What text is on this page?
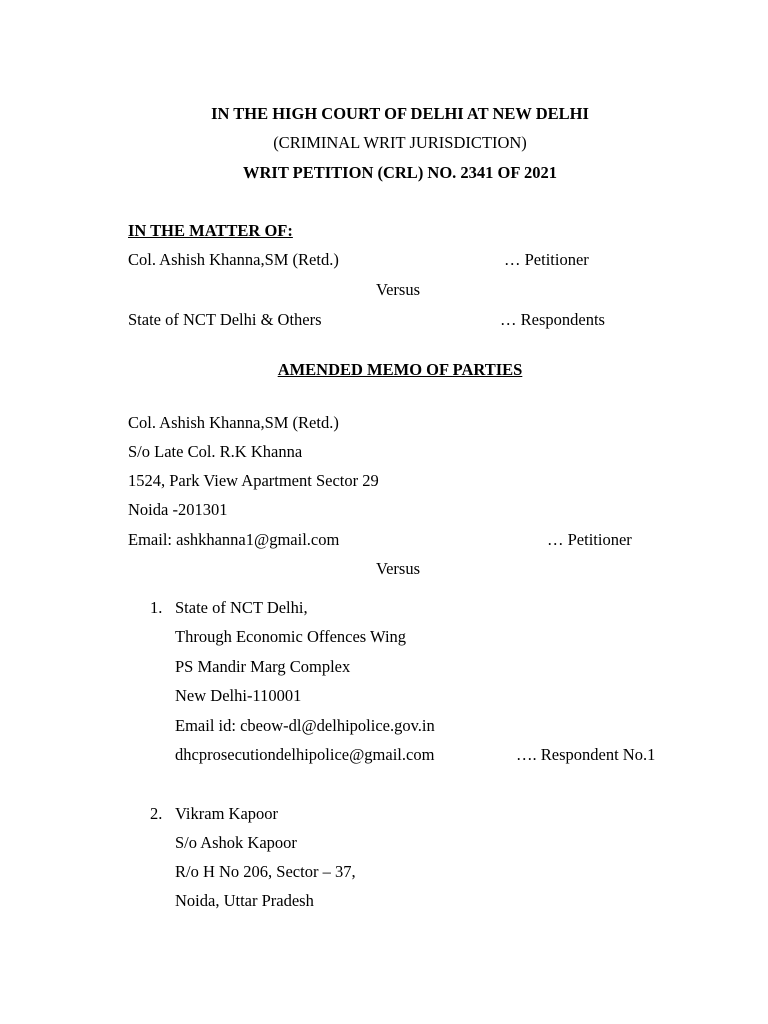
IN THE HIGH COURT OF DELHI AT NEW DELHI
(CRIMINAL WRIT JURISDICTION)
WRIT PETITION (CRL) NO. 2341 OF 2021
IN THE MATTER OF:
Col. Ashish Khanna,SM (Retd.)	… Petitioner
Versus
State of NCT Delhi & Others	… Respondents
AMENDED MEMO OF PARTIES
Col. Ashish Khanna,SM (Retd.)
S/o Late Col. R.K Khanna
1524, Park View Apartment Sector 29
Noida -201301
Email: ashkhanna1@gmail.com	… Petitioner
Versus
1. State of NCT Delhi,
Through Economic Offences Wing
PS Mandir Marg Complex
New Delhi-110001
Email id: cbeow-dl@delhipolice.gov.in
dhcprosecutiondelhipolice@gmail.com	…. Respondent No.1
2. Vikram Kapoor
S/o Ashok Kapoor
R/o H No 206, Sector – 37,
Noida, Uttar Pradesh
